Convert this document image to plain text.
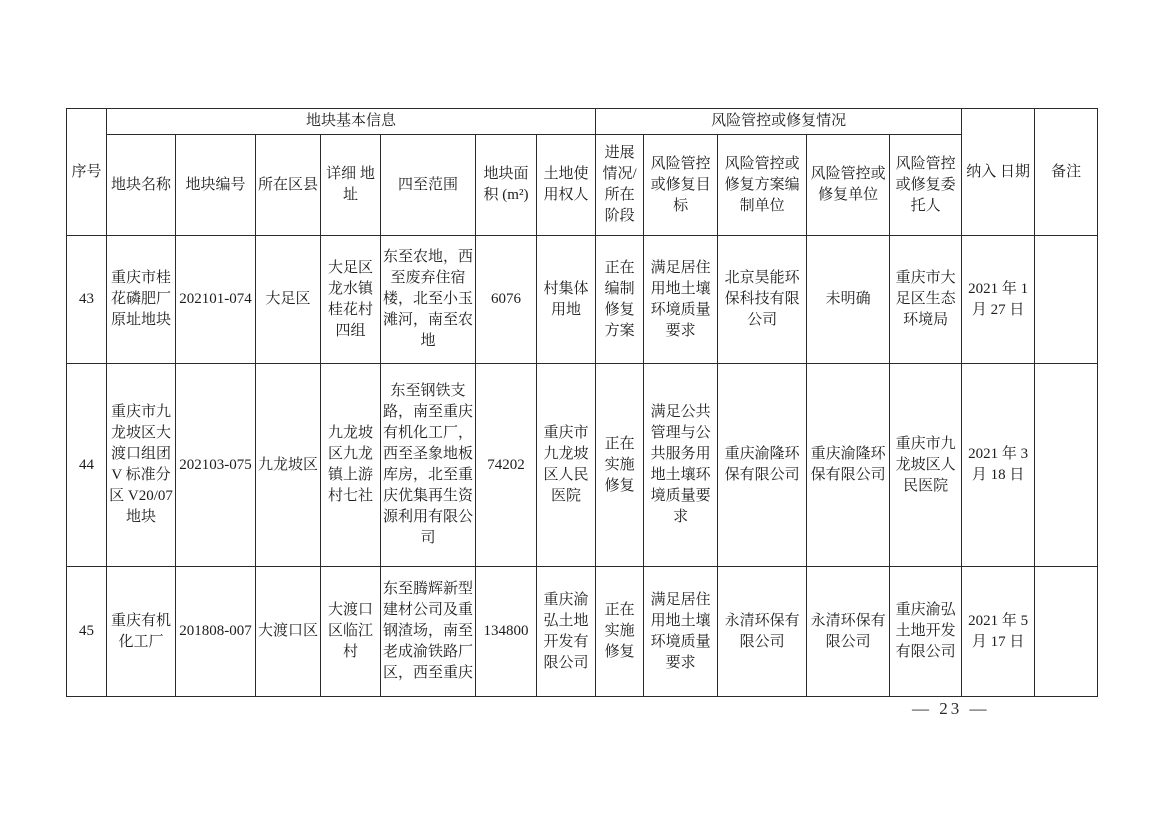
序号	地块基本信息							风险管控或修复情况					纳入 日期	备注
	地块名称	地块编号	所在区县	详细 地址	四至范围	地块面积 (m²)	土地使用权人	进展情况/所在阶段	风险管控或修复目标	风险管控或修复方案编制单位	风险管控或修复单位	风险管控或修复委托人		
43	重庆市桂花磷肥厂原址地块	202101-074	大足区	大足区龙水镇桂花村四组	东至农地，西至废弃住宿楼，北至小玉滩河，南至农地	6076	村集体用地	正在编制修复方案	满足居住用地土壤环境质量要求	北京昊能环保科技有限公司	未明确	重庆市大足区生态环境局	2021 年 1 月 27 日	
44	重庆市九龙坡区大渡口组团 V 标准分区 V20/07 地块	202103-075	九龙坡区	九龙坡区九龙镇上游村七社	东至钢铁支路，南至重庆有机化工厂，西至圣象地板库房，北至重庆优集再生资源利用有限公司	74202	重庆市九龙坡区人民医院	正在实施修复	满足公共管理与公共服务用地土壤环境质量要求	重庆渝隆环保有限公司	重庆渝隆环保有限公司	重庆市九龙坡区人民医院	2021 年 3 月 18 日	
45	重庆有机化工厂	201808-007	大渡口区	大渡口区临江村	东至腾辉新型建材公司及重钢渣场，南至老成渝铁路厂区，西至重庆	134800	重庆渝弘土地开发有限公司	正在实施修复	满足居住用地土壤环境质量要求	永清环保有限公司	永清环保有限公司	重庆渝弘土地开发有限公司	2021 年 5 月 17 日	
— 23 —
